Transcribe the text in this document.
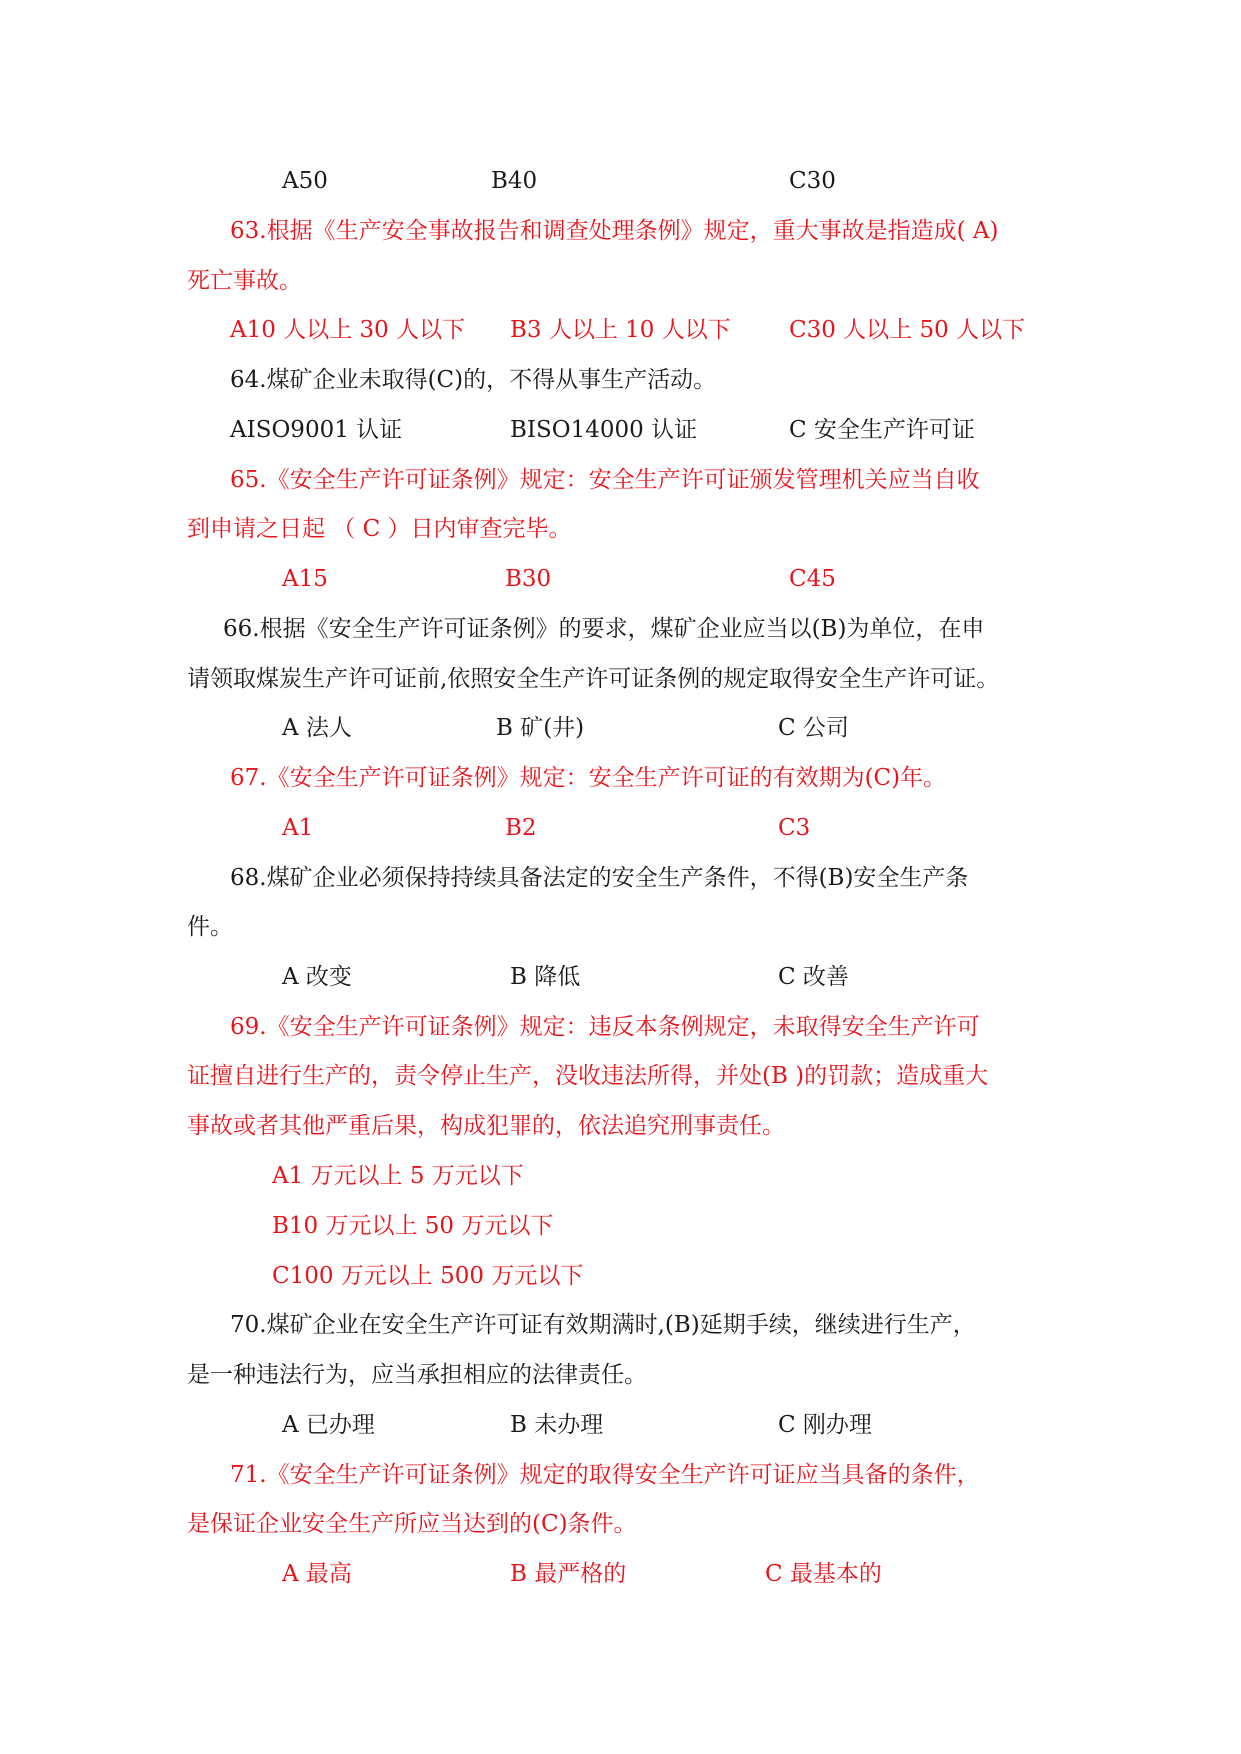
A50	B40	C30
63.根据《生产安全事故报告和调查处理条例》规定，重大事故是指造成( A)
死亡事故。
A10 人以上 30 人以下 B3 人以上 10 人以下	C30 人以上 50 人以下
64.煤矿企业未取得(C)的，不得从事生产活动。
AISO9001 认证	BISO14000 认证	C 安全生产许可证
65.《安全生产许可证条例》规定：安全生产许可证颁发管理机关应当自收
到申请之日起 （ C ）日内审查完毕。
A15	B30	C45
66.根据《安全生产许可证条例》的要求，煤矿企业应当以(B)为单位，在申
请领取煤炭生产许可证前,依照安全生产许可证条例的规定取得安全生产许可证。
A 法人	B 矿(井)	C 公司
67.《安全生产许可证条例》规定：安全生产许可证的有效期为(C)年。
A1	B2	C3
68.煤矿企业必须保持持续具备法定的安全生产条件，不得(B)安全生产条
件。
A 改变	B 降低	C 改善
69.《安全生产许可证条例》规定：违反本条例规定，未取得安全生产许可
证擅自进行生产的，责令停止生产，没收违法所得，并处(B )的罚款；造成重大
事故或者其他严重后果，构成犯罪的，依法追究刑事责任。
A1 万元以上 5 万元以下
B10 万元以上 50 万元以下
C100 万元以上 500 万元以下
70.煤矿企业在安全生产许可证有效期满时,(B)延期手续，继续进行生产，
是一种违法行为，应当承担相应的法律责任。
A 已办理	B 未办理	C 刚办理
71.《安全生产许可证条例》规定的取得安全生产许可证应当具备的条件，
是保证企业安全生产所应当达到的(C)条件。
A 最高	B 最严格的	C 最基本的
